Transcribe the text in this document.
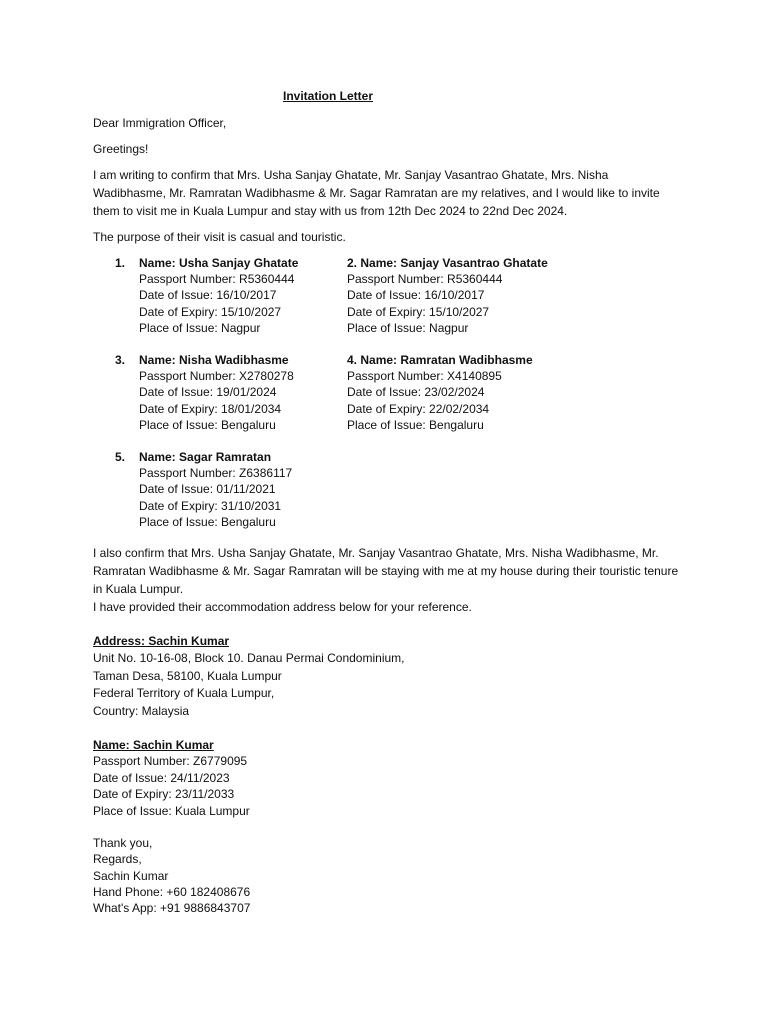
Invitation Letter
Dear Immigration Officer,
Greetings!
I am writing to confirm that Mrs. Usha Sanjay Ghatate, Mr. Sanjay Vasantrao Ghatate, Mrs. Nisha Wadibhasme, Mr. Ramratan Wadibhasme & Mr. Sagar Ramratan are my relatives, and I would like to invite them to visit me in Kuala Lumpur and stay with us from 12th Dec 2024 to 22nd Dec 2024.
The purpose of their visit is casual and touristic.
1. Name: Usha Sanjay Ghatate
Passport Number: R5360444
Date of Issue: 16/10/2017
Date of Expiry: 15/10/2027
Place of Issue: Nagpur
2. Name: Sanjay Vasantrao Ghatate
Passport Number: R5360444
Date of Issue: 16/10/2017
Date of Expiry: 15/10/2027
Place of Issue: Nagpur
3. Name: Nisha Wadibhasme
Passport Number: X2780278
Date of Issue: 19/01/2024
Date of Expiry: 18/01/2034
Place of Issue: Bengaluru
4. Name: Ramratan Wadibhasme
Passport Number: X4140895
Date of Issue: 23/02/2024
Date of Expiry: 22/02/2034
Place of Issue: Bengaluru
5. Name: Sagar Ramratan
Passport Number: Z6386117
Date of Issue: 01/11/2021
Date of Expiry: 31/10/2031
Place of Issue: Bengaluru
I also confirm that Mrs. Usha Sanjay Ghatate, Mr. Sanjay Vasantrao Ghatate, Mrs. Nisha Wadibhasme, Mr. Ramratan Wadibhasme & Mr. Sagar Ramratan will be staying with me at my house during their touristic tenure in Kuala Lumpur.
I have provided their accommodation address below for your reference.
Address: Sachin Kumar
Unit No. 10-16-08, Block 10. Danau Permai Condominium,
Taman Desa, 58100, Kuala Lumpur
Federal Territory of Kuala Lumpur,
Country: Malaysia
Name: Sachin Kumar
Passport Number: Z6779095
Date of Issue: 24/11/2023
Date of Expiry: 23/11/2033
Place of Issue: Kuala Lumpur
Thank you,
Regards,
Sachin Kumar
Hand Phone: +60 182408676
What's App: +91 9886843707
